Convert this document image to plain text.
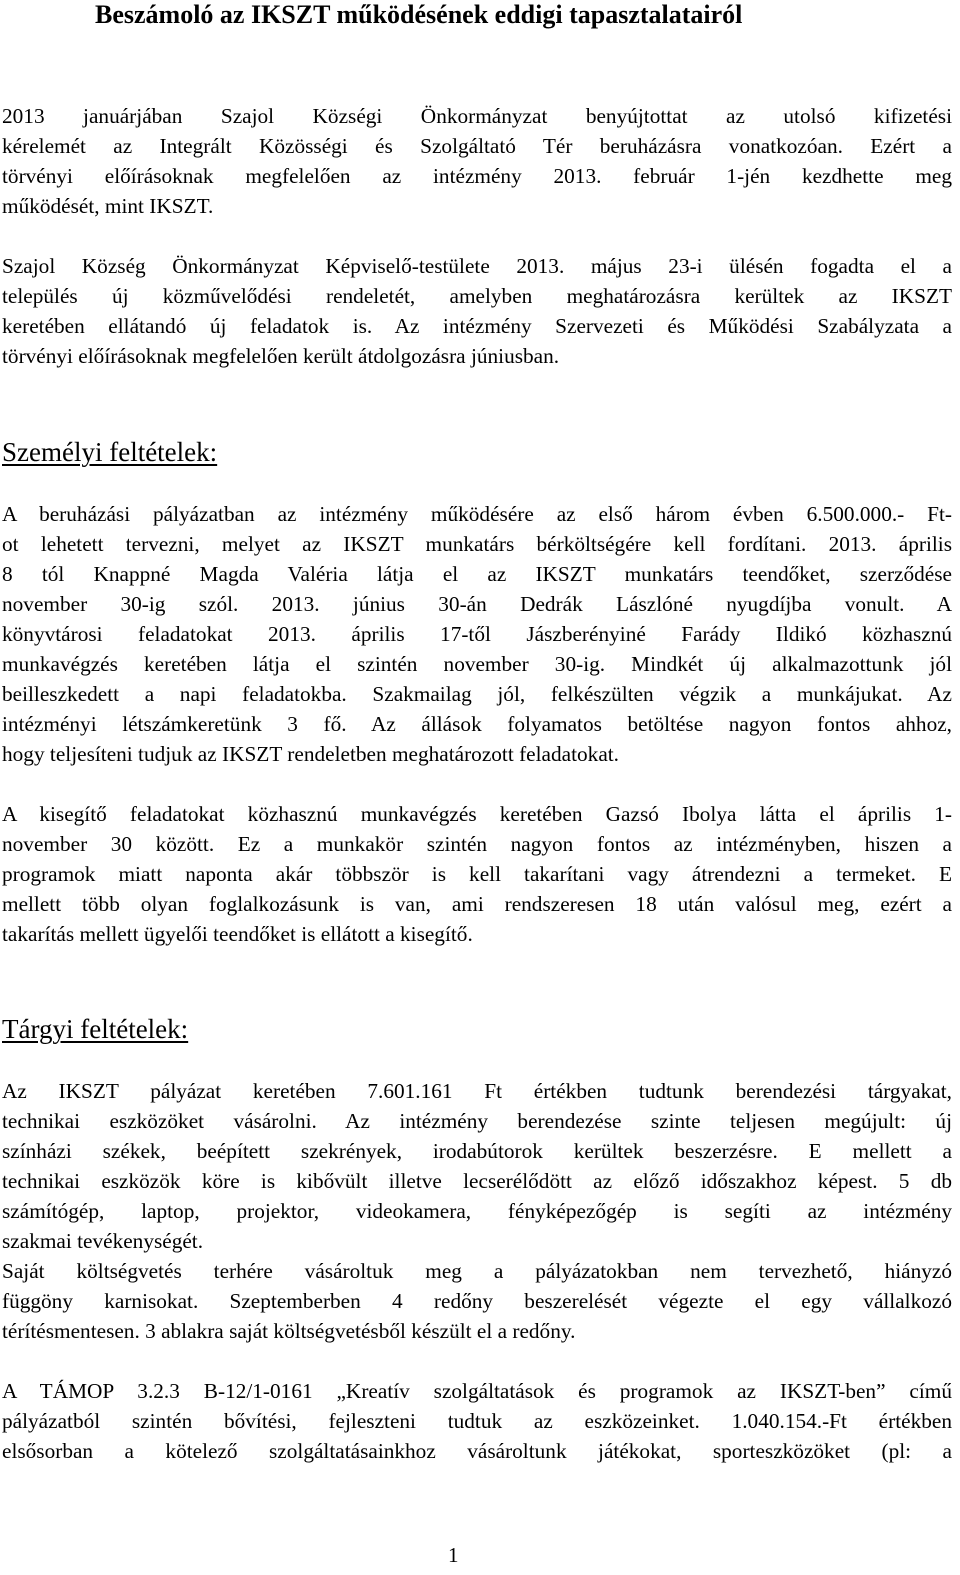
Beszámoló az IKSZT működésének eddigi tapasztalatairól

2013 januárjában Szajol Községi Önkormányzat benyújtottat az utolsó kifizetési
kérelemét az Integrált Közösségi és Szolgáltató Tér beruházásra vonatkozóan. Ezért a
törvényi előírásoknak megfelelően az intézmény 2013. február 1-jén kezdhette meg
működését, mint IKSZT.

Szajol Község Önkormányzat Képviselő-testülete 2013. május 23-i ülésén fogadta el a
település új közművelődési rendeletét, amelyben meghatározásra kerültek az IKSZT
keretében ellátandó új feladatok is. Az intézmény Szervezeti és Működési Szabályzata a
törvényi előírásoknak megfelelően került átdolgozásra júniusban.

Személyi feltételek:

A beruházási pályázatban az intézmény működésére az első három évben 6.500.000.- Ft-
ot lehetett tervezni, melyet az IKSZT munkatárs bérköltségére kell fordítani. 2013. április
8 tól Knappné Magda Valéria látja el az IKSZT munkatárs teendőket, szerződése
november 30-ig szól. 2013. június 30-án Dedrák Lászlóné nyugdíjba vonult. A
könyvtárosi feladatokat 2013. április 17-től Jászberényiné Farády Ildikó közhasznú
munkavégzés keretében látja el szintén november 30-ig. Mindkét új alkalmazottunk jól
beilleszkedett a napi feladatokba. Szakmailag jól, felkészülten végzik a munkájukat. Az
intézményi létszámkeretünk 3 fő. Az állások folyamatos betöltése nagyon fontos ahhoz,
hogy teljesíteni tudjuk az IKSZT rendeletben meghatározott feladatokat.

A kisegítő feladatokat közhasznú munkavégzés keretében Gazsó Ibolya látta el április 1-
november 30 között. Ez a munkakör szintén nagyon fontos az intézményben, hiszen a
programok miatt naponta akár többször is kell takarítani vagy átrendezni a termeket. E
mellett több olyan foglalkozásunk is van, ami rendszeresen 18 után valósul meg, ezért a
takarítás mellett ügyelői teendőket is ellátott a kisegítő.

Tárgyi feltételek:

Az IKSZT pályázat keretében 7.601.161 Ft értékben tudtunk berendezési tárgyakat,
technikai eszközöket vásárolni. Az intézmény berendezése szinte teljesen megújult: új
színházi székek, beépített szekrények, irodabútorok kerültek beszerzésre. E mellett a
technikai eszközök köre is kibővült illetve lecserélődött az előző időszakhoz képest. 5 db
számítógép, laptop, projektor, videokamera, fényképezőgép is segíti az intézmény
szakmai tevékenységét.

Saját költségvetés terhére vásároltuk meg a pályázatokban nem tervezhető, hiányzó
függöny karnisokat. Szeptemberben 4 redőny beszerelését végezte el egy vállalkozó
térítésmentesen. 3 ablakra saját költségvetésből készült el a redőny.

A TÁMOP 3.2.3 B-12/1-0161 „Kreatív szolgáltatások és programok az IKSZT-ben” című
pályázatból szintén bővítési, fejleszteni tudtuk az eszközeinket. 1.040.154.-Ft értékben
elsősorban a kötelező szolgáltatásainkhoz vásároltunk játékokat, sporteszközöket (pl: a

1
